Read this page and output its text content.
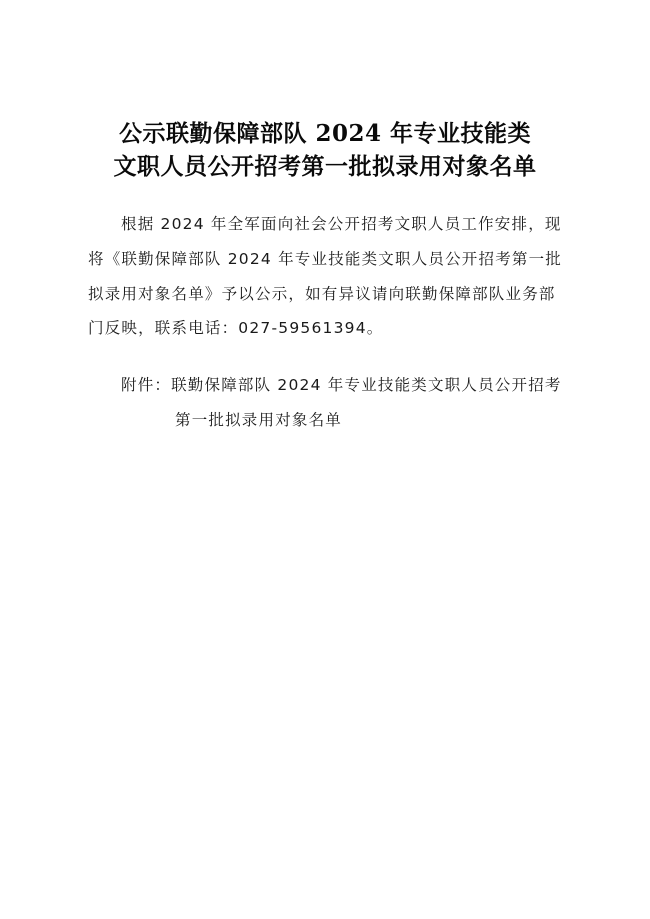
公示联勤保障部队 2024 年专业技能类
文职人员公开招考第一批拟录用对象名单
根据 2024 年全军面向社会公开招考文职人员工作安排，现
将《联勤保障部队 2024 年专业技能类文职人员公开招考第一批
拟录用对象名单》予以公示，如有异议请向联勤保障部队业务部
门反映，联系电话：027-59561394。
附件：联勤保障部队 2024 年专业技能类文职人员公开招考
第一批拟录用对象名单
